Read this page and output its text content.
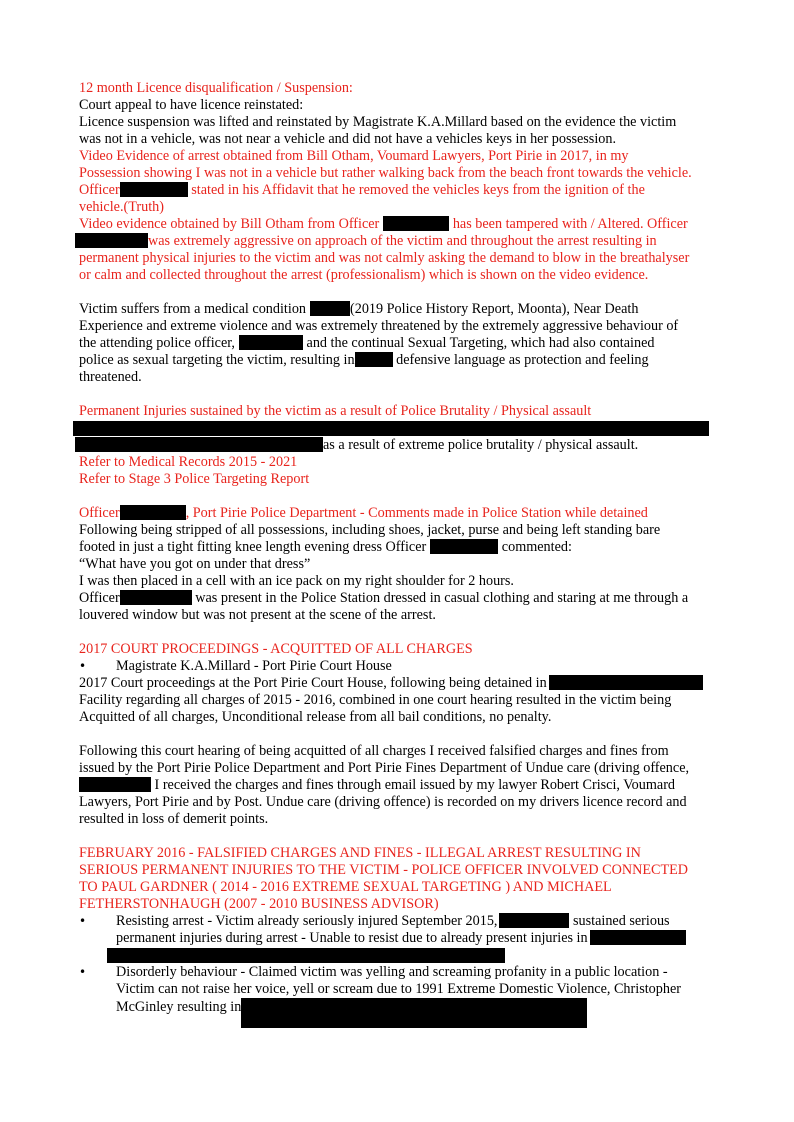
12 month Licence disqualification / Suspension:
Court appeal to have licence reinstated:
Licence suspension was lifted and reinstated by Magistrate K.A.Millard based on the evidence the victim
was not in a vehicle, was not near a vehicle and did not have a vehicles keys in her possession.
Video Evidence of arrest obtained from Bill Otham, Voumard Lawyers, Port Pirie in 2017, in my
Possession showing I was not in a vehicle but rather walking back from the beach front towards the vehicle.
Officer	stated in his Affidavit that he removed the vehicles keys from the ignition of the
vehicle.(Truth)
Video evidence obtained by Bill Otham from Officer	has been tampered with / Altered. Officer
was extremely aggressive on approach of the victim and throughout the arrest resulting in
permanent physical injuries to the victim and was not calmly asking the demand to blow in the breathalyser
or calm and collected throughout the arrest (professionalism) which is shown on the video evidence.
Victim suffers from a medical condition	(2019 Police History Report, Moonta), Near Death
Experience and extreme violence and was extremely threatened by the extremely aggressive behaviour of
the attending police officer,	and the continual Sexual Targeting, which had also contained
police as sexual targeting the victim, resulting in	defensive language as protection and feeling
threatened.
Permanent Injuries sustained by the victim as a result of Police Brutality / Physical assault
as a result of extreme police brutality / physical assault.
Refer to Medical Records 2015 - 2021
Refer to Stage 3 Police Targeting Report
Officer	, Port Pirie Police Department - Comments made in Police Station while detained
Following being stripped of all possessions, including shoes, jacket, purse and being left standing bare
footed in just a tight fitting knee length evening dress Officer	commented:
“What have you got on under that dress”
I was then placed in a cell with an ice pack on my right shoulder for 2 hours.
Officer	was present in the Police Station dressed in casual clothing and staring at me through a
louvered window but was not present at the scene of the arrest.
2017 COURT PROCEEDINGS - ACQUITTED OF ALL CHARGES
• Magistrate K.A.Millard - Port Pirie Court House
2017 Court proceedings at the Port Pirie Court House, following being detained in
Facility regarding all charges of 2015 - 2016, combined in one court hearing resulted in the victim being
Acquitted of all charges, Unconditional release from all bail conditions, no penalty.
Following this court hearing of being acquitted of all charges I received falsified charges and fines from
issued by the Port Pirie Police Department and Port Pirie Fines Department of Undue care (driving offence,
I received the charges and fines through email issued by my lawyer Robert Crisci, Voumard
Lawyers, Port Pirie and by Post. Undue care (driving offence) is recorded on my drivers licence record and
resulted in loss of demerit points.
FEBRUARY 2016 - FALSIFIED CHARGES AND FINES - ILLEGAL ARREST RESULTING IN
SERIOUS PERMANENT INJURIES TO THE VICTIM - POLICE OFFICER INVOLVED CONNECTED
TO PAUL GARDNER ( 2014 - 2016 EXTREME SEXUAL TARGETING ) AND MICHAEL
FETHERSTONHAUGH (2007 - 2010 BUSINESS ADVISOR)
• Resisting arrest - Victim already seriously injured September 2015,	sustained serious
permanent injuries during arrest - Unable to resist due to already present injuries in
• Disorderly behaviour - Claimed victim was yelling and screaming profanity in a public location -
Victim can not raise her voice, yell or scream due to 1991 Extreme Domestic Violence, Christopher
McGinley resulting in
